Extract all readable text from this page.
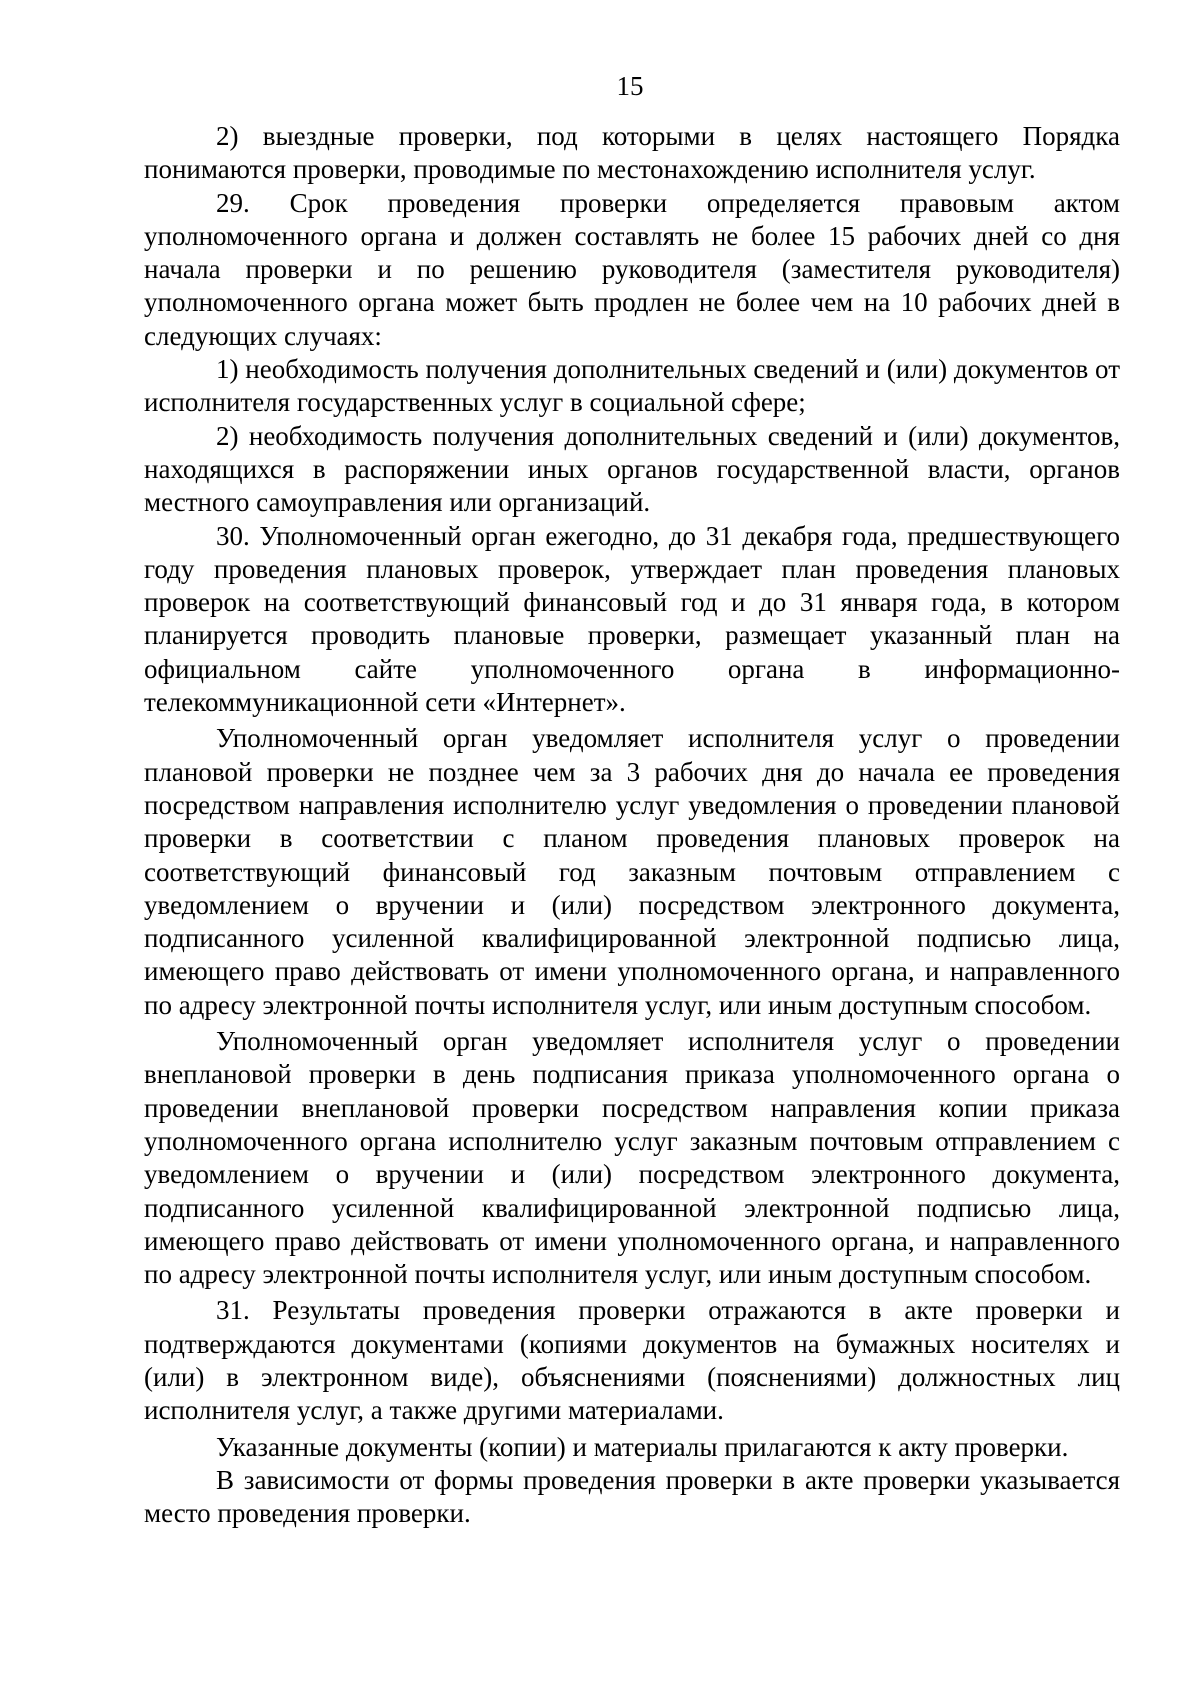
15

2) выездные проверки, под которыми в целях настоящего Порядка понимаются проверки, проводимые по местонахождению исполнителя услуг.

29. Срок проведения проверки определяется правовым актом уполномоченного органа и должен составлять не более 15 рабочих дней со дня начала проверки и по решению руководителя (заместителя руководителя) уполномоченного органа может быть продлен не более чем на 10 рабочих дней в следующих случаях:

1) необходимость получения дополнительных сведений и (или) документов от исполнителя государственных услуг в социальной сфере;

2) необходимость получения дополнительных сведений и (или) документов, находящихся в распоряжении иных органов государственной власти, органов местного самоуправления или организаций.

30. Уполномоченный орган ежегодно, до 31 декабря года, предшествующего году проведения плановых проверок, утверждает план проведения плановых проверок на соответствующий финансовый год и до 31 января года, в котором планируется проводить плановые проверки, размещает указанный план на официальном сайте уполномоченного органа в информационно-телекоммуникационной сети «Интернет».

Уполномоченный орган уведомляет исполнителя услуг о проведении плановой проверки не позднее чем за 3 рабочих дня до начала ее проведения посредством направления исполнителю услуг уведомления о проведении плановой проверки в соответствии с планом проведения плановых проверок на соответствующий финансовый год заказным почтовым отправлением с уведомлением о вручении и (или) посредством электронного документа, подписанного усиленной квалифицированной электронной подписью лица, имеющего право действовать от имени уполномоченного органа, и направленного по адресу электронной почты исполнителя услуг, или иным доступным способом.

Уполномоченный орган уведомляет исполнителя услуг о проведении внеплановой проверки в день подписания приказа уполномоченного органа о проведении внеплановой проверки посредством направления копии приказа уполномоченного органа исполнителю услуг заказным почтовым отправлением с уведомлением о вручении и (или) посредством электронного документа, подписанного усиленной квалифицированной электронной подписью лица, имеющего право действовать от имени уполномоченного органа, и направленного по адресу электронной почты исполнителя услуг, или иным доступным способом.

31. Результаты проведения проверки отражаются в акте проверки и подтверждаются документами (копиями документов на бумажных носителях и (или) в электронном виде), объяснениями (пояснениями) должностных лиц исполнителя услуг, а также другими материалами.

Указанные документы (копии) и материалы прилагаются к акту проверки.

В зависимости от формы проведения проверки в акте проверки указывается место проведения проверки.
